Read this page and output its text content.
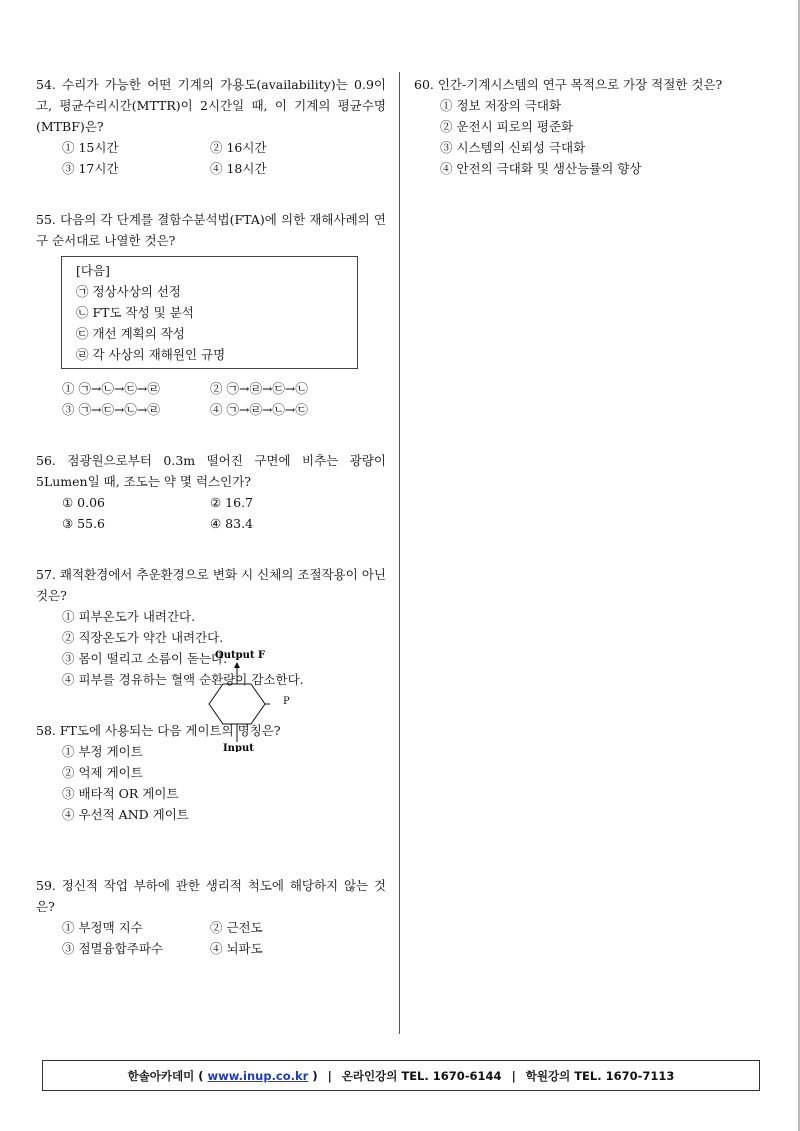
54. 수리가 가능한 어떤 기계의 가용도(availability)는 0.9이고, 평균수리시간(MTTR)이 2시간일 때, 이 기계의 평균수명(MTBF)은?

① 15시간	② 16시간
③ 17시간	④ 18시간

55. 다음의 각 단계를 결함수분석법(FTA)에 의한 재해사례의 연구 순서대로 나열한 것은?

[다음]
㉠ 정상사상의 선정
㉡ FT도 작성 및 분석
㉢ 개선 계획의 작성
㉣ 각 사상의 재해원인 규명
① ㉠→㉡→㉢→㉣	② ㉠→㉣→㉢→㉡
③ ㉠→㉢→㉡→㉣	④ ㉠→㉣→㉡→㉢

56. 점광원으로부터 0.3m 떨어진 구면에 비추는 광량이 5Lumen일 때, 조도는 약 몇 럭스인가?

① 0.06	② 16.7
③ 55.6	④ 83.4

57. 쾌적환경에서 추운환경으로 변화 시 신체의 조절작용이 아닌 것은?

① 피부온도가 내려간다.
② 직장온도가 약간 내려간다.
③ 몸이 떨리고 소름이 돋는다.
④ 피부를 경유하는 혈액 순환량이 감소한다.

58. FT도에 사용되는 다음 게이트의 명칭은?

① 부정 게이트
② 억제 게이트
③ 배타적 OR 게이트
④ 우선적 AND 게이트

59. 정신적 작업 부하에 관한 생리적 척도에 해당하지 않는 것은?

① 부정맥 지수	② 근전도
③ 점멸융합주파수	④ 뇌파도
Output F
Input
P

60. 인간-기계시스템의 연구 목적으로 가장 적절한 것은?

① 정보 저장의 극대화
② 운전시 피로의 평준화
③ 시스템의 신뢰성 극대화
④ 안전의 극대화 및 생산능률의 향상
한솔아카데미 ( www.inup.co.kr ) | 온라인강의 TEL. 1670-6144 | 학원강의 TEL. 1670-7113
